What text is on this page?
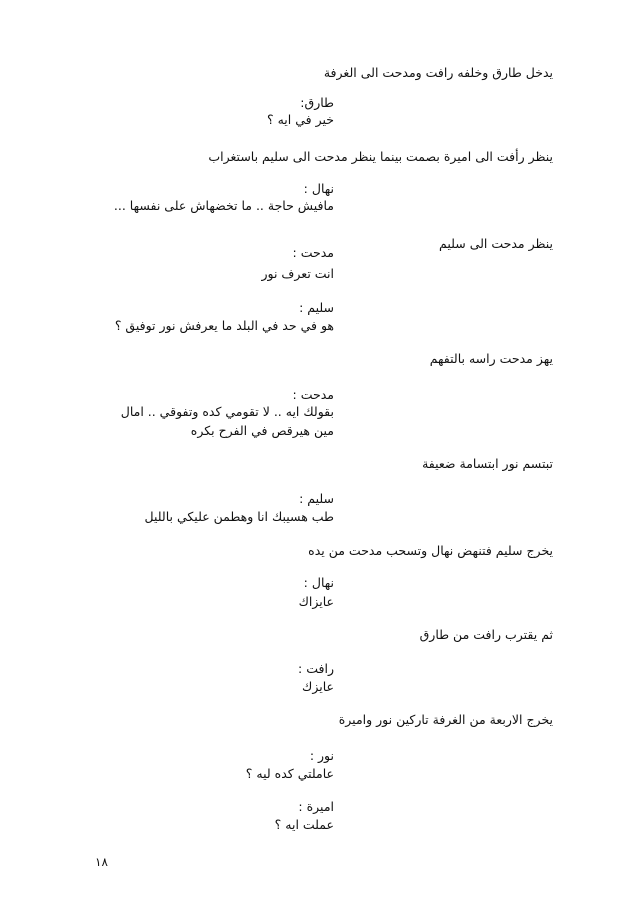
يدخل طارق وخلفه رافت ومدحت الى الغرفة
طارق:
خير في ايه ؟
ينظر رأفت الى اميرة بصمت بينما ينظر مدحت الى سليم باستغراب
نهال :
مافيش حاجة .. ما تخضهاش على نفسها ...
ينظر مدحت الى سليم
مدحت :
انت تعرف نور
سليم :
هو في حد في البلد ما يعرفش نور توفيق ؟
يهز مدحت راسه بالتفهم
مدحت :
بقولك ايه .. لا تقومي كده وتفوقي .. امال
مين هيرقص في الفرح بكره
تبتسم نور ابتسامة ضعيفة
سليم :
طب هسيبك انا وهطمن عليكي بالليل
يخرج سليم فتنهض نهال وتسحب مدحت من يده
نهال :
عايزاك
ثم يقترب رافت من طارق
رافت :
عايزك
يخرج الاربعة من الغرفة تاركين نور واميرة
نور :
عاملتي كده ليه ؟
اميرة :
عملت ايه ؟
١٨
